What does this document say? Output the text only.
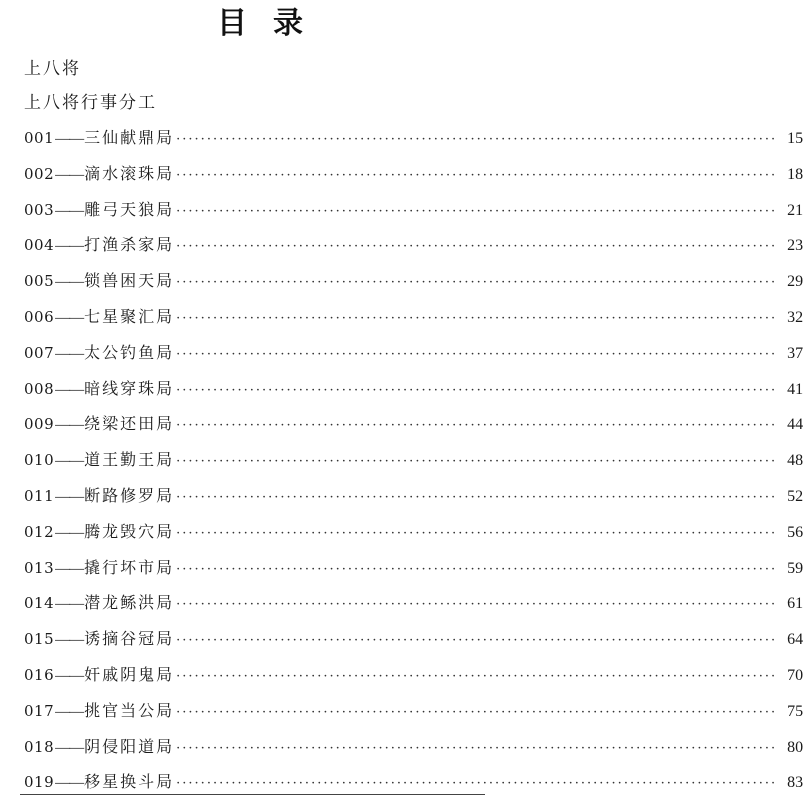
目录
上八将
上八将行事分工
001 —— 三仙献鼎局 ·································································································· 15
002 —— 滴水滚珠局 ·································································································· 18
003 —— 雕弓天狼局 ·································································································· 21
004 —— 打渔杀家局 ·································································································· 23
005 —— 锁兽困天局 ·································································································· 29
006 —— 七星聚汇局 ·································································································· 32
007 —— 太公钓鱼局 ·································································································· 37
008 —— 暗线穿珠局 ·································································································· 41
009 —— 绕梁还田局 ·································································································· 44
010 —— 道王勤王局 ·································································································· 48
011 —— 断路修罗局 ·································································································· 52
012 —— 腾龙毁穴局 ·································································································· 56
013 —— 撬行坏市局 ·································································································· 59
014 —— 潜龙鲧洪局 ·································································································· 61
015 —— 诱摘谷冠局 ·································································································· 64
016 —— 奸戚阴鬼局 ·································································································· 70
017 —— 挑官当公局 ·································································································· 75
018 —— 阴侵阳道局 ·································································································· 80
019 —— 移星换斗局 ·································································································· 83
